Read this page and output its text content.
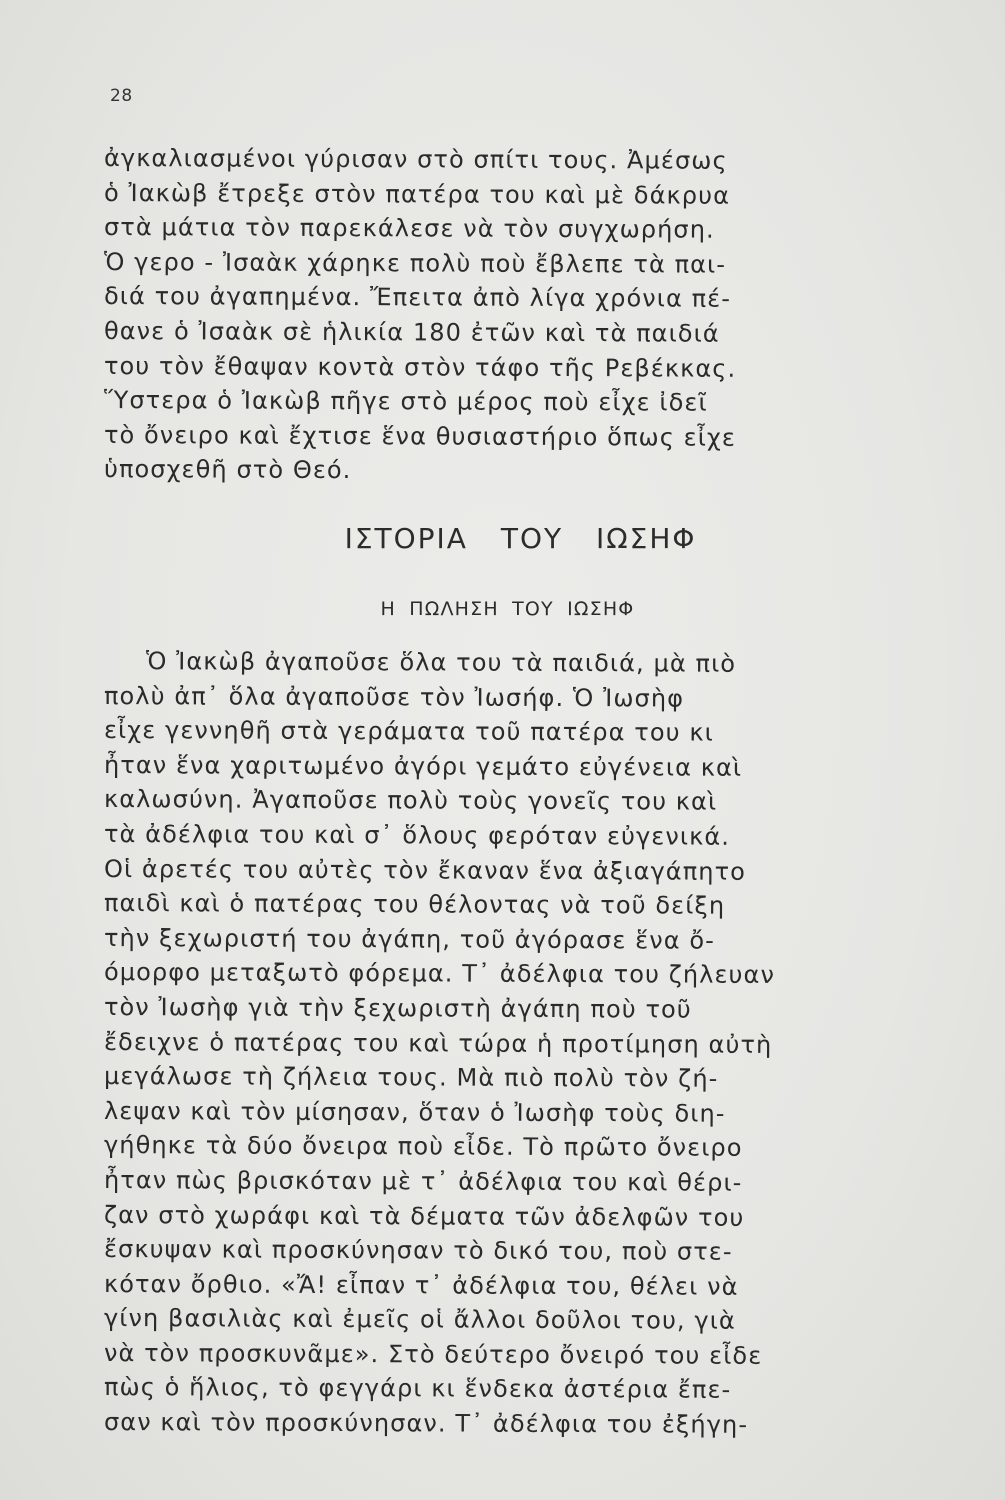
28
ἀγκαλιασμένοι γύρισαν στὸ σπίτι τους. Ἀμέσως
ὁ Ἰακὼβ ἔτρεξε στὸν πατέρα του καὶ μὲ δάκρυα
στὰ μάτια τὸν παρεκάλεσε νὰ τὸν συγχωρήση.
Ὁ γερο - Ἰσαὰκ χάρηκε πολὺ ποὺ ἔβλεπε τὰ παι-
διά του ἀγαπημένα. Ἔπειτα ἀπὸ λίγα χρόνια πέ-
θανε ὁ Ἰσαὰκ σὲ ἡλικία 180 ἐτῶν καὶ τὰ παιδιά
του τὸν ἔθαψαν κοντὰ στὸν τάφο τῆς Ρεβέκκας.
Ὕστερα ὁ Ἰακὼβ πῆγε στὸ μέρος ποὺ εἶχε ἰδεῖ
τὸ ὄνειρο καὶ ἔχτισε ἕνα θυσιαστήριο ὅπως εἶχε
ὑποσχεθῆ στὸ Θεό.
ΙΣΤΟΡΙΑ ΤΟΥ ΙΩΣΗΦ
Η ΠΩΛΗΣΗ ΤΟΥ ΙΩΣΗΦ
Ὁ Ἰακὼβ ἀγαποῦσε ὅλα του τὰ παιδιά, μὰ πιὸ
πολὺ ἀπ᾿ ὅλα ἀγαποῦσε τὸν Ἰωσήφ. Ὁ Ἰωσὴφ
εἶχε γεννηθῆ στὰ γεράματα τοῦ πατέρα του κι
ἦταν ἕνα χαριτωμένο ἀγόρι γεμάτο εὐγένεια καὶ
καλωσύνη. Ἀγαποῦσε πολὺ τοὺς γονεῖς του καὶ
τὰ ἀδέλφια του καὶ σ᾿ ὅλους φερόταν εὐγενικά.
Οἱ ἀρετές του αὐτὲς τὸν ἔκαναν ἕνα ἀξιαγάπητο
παιδὶ καὶ ὁ πατέρας του θέλοντας νὰ τοῦ δείξη
τὴν ξεχωριστή του ἀγάπη, τοῦ ἀγόρασε ἕνα ὄ-
όμορφο μεταξωτὸ φόρεμα. Τ᾿ ἀδέλφια του ζήλευαν
τὸν Ἰωσὴφ γιὰ τὴν ξεχωριστὴ ἀγάπη ποὺ τοῦ
ἔδειχνε ὁ πατέρας του καὶ τώρα ἡ προτίμηση αὐτὴ
μεγάλωσε τὴ ζήλεια τους. Μὰ πιὸ πολὺ τὸν ζή-
λεψαν καὶ τὸν μίσησαν, ὅταν ὁ Ἰωσὴφ τοὺς διη-
γήθηκε τὰ δύο ὄνειρα ποὺ εἶδε. Τὸ πρῶτο ὄνειρο
ἦταν πὼς βρισκόταν μὲ τ᾿ ἀδέλφια του καὶ θέρι-
ζαν στὸ χωράφι καὶ τὰ δέματα τῶν ἀδελφῶν του
ἔσκυψαν καὶ προσκύνησαν τὸ δικό του, ποὺ στε-
κόταν ὄρθιο. «Ἄ! εἶπαν τ᾿ ἀδέλφια του, θέλει νὰ
γίνη βασιλιὰς καὶ ἐμεῖς οἱ ἄλλοι δοῦλοι του, γιὰ
νὰ τὸν προσκυνᾶμε». Στὸ δεύτερο ὄνειρό του εἶδε
πὼς ὁ ἥλιος, τὸ φεγγάρι κι ἕνδεκα ἀστέρια ἔπε-
σαν καὶ τὸν προσκύνησαν. Τ᾿ ἀδέλφια του ἐξήγη-
